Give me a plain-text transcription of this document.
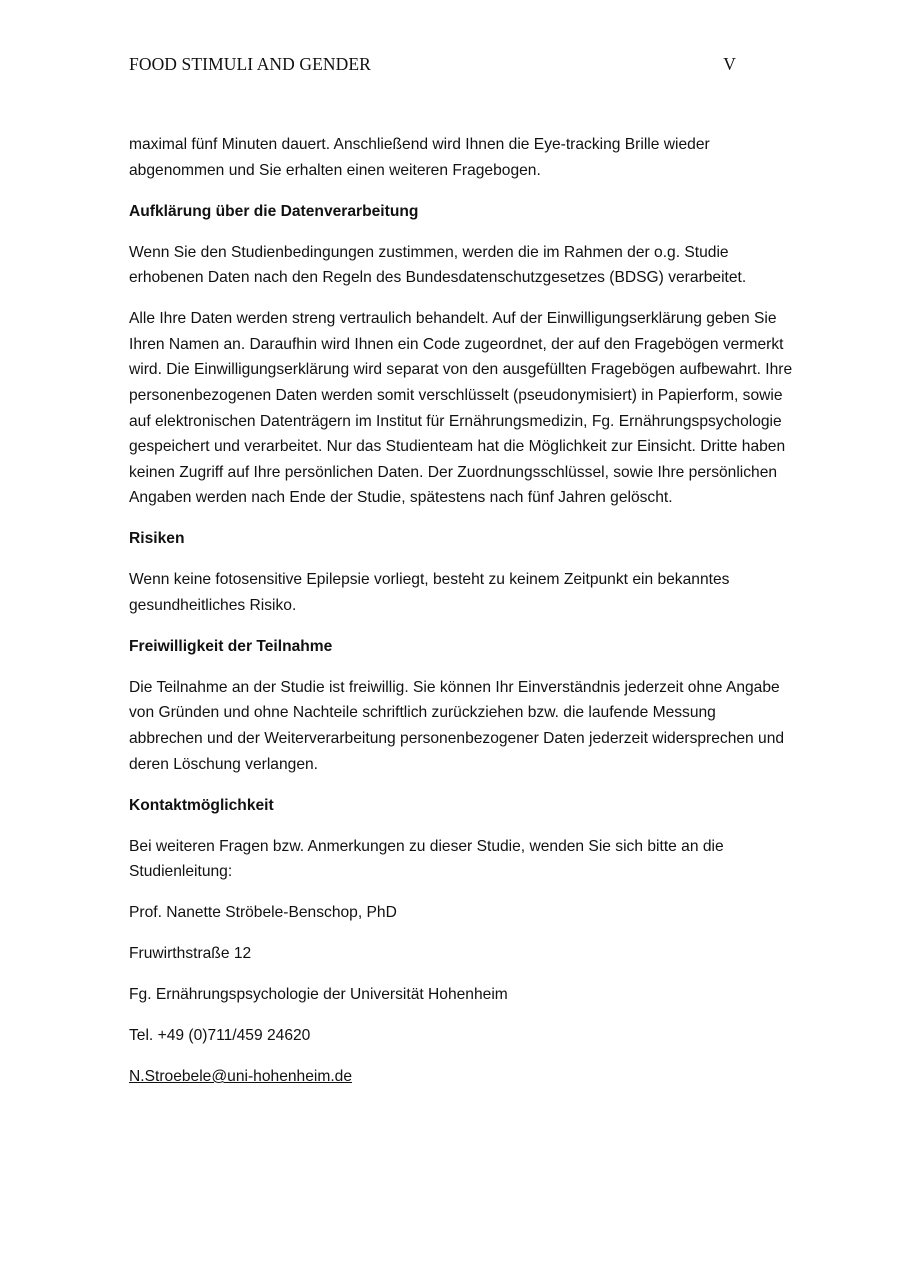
FOOD STIMULI AND GENDER	V

maximal fünf Minuten dauert. Anschließend wird Ihnen die Eye-tracking Brille wieder abgenommen und Sie erhalten einen weiteren Fragebogen.

Aufklärung über die Datenverarbeitung

Wenn Sie den Studienbedingungen zustimmen, werden die im Rahmen der o.g. Studie erhobenen Daten nach den Regeln des Bundesdatenschutzgesetzes (BDSG) verarbeitet.

Alle Ihre Daten werden streng vertraulich behandelt. Auf der Einwilligungserklärung geben Sie Ihren Namen an. Daraufhin wird Ihnen ein Code zugeordnet, der auf den Fragebögen vermerkt wird. Die Einwilligungserklärung wird separat von den ausgefüllten Fragebögen aufbewahrt. Ihre personenbezogenen Daten werden somit verschlüsselt (pseudonymisiert) in Papierform, sowie auf elektronischen Datenträgern im Institut für Ernährungsmedizin, Fg. Ernährungspsychologie gespeichert und verarbeitet. Nur das Studienteam hat die Möglichkeit zur Einsicht. Dritte haben keinen Zugriff auf Ihre persönlichen Daten. Der Zuordnungsschlüssel, sowie Ihre persönlichen Angaben werden nach Ende der Studie, spätestens nach fünf Jahren gelöscht.

Risiken

Wenn keine fotosensitive Epilepsie vorliegt, besteht zu keinem Zeitpunkt ein bekanntes gesundheitliches Risiko.

Freiwilligkeit der Teilnahme

Die Teilnahme an der Studie ist freiwillig. Sie können Ihr Einverständnis jederzeit ohne Angabe von Gründen und ohne Nachteile schriftlich zurückziehen bzw. die laufende Messung abbrechen und der Weiterverarbeitung personenbezogener Daten jederzeit widersprechen und deren Löschung verlangen.

Kontaktmöglichkeit

Bei weiteren Fragen bzw. Anmerkungen zu dieser Studie, wenden Sie sich bitte an die Studienleitung:

Prof. Nanette Ströbele-Benschop, PhD

Fruwirthstraße 12

Fg. Ernährungspsychologie der Universität Hohenheim

Tel. +49 (0)711/459 24620

N.Stroebele@uni-hohenheim.de
